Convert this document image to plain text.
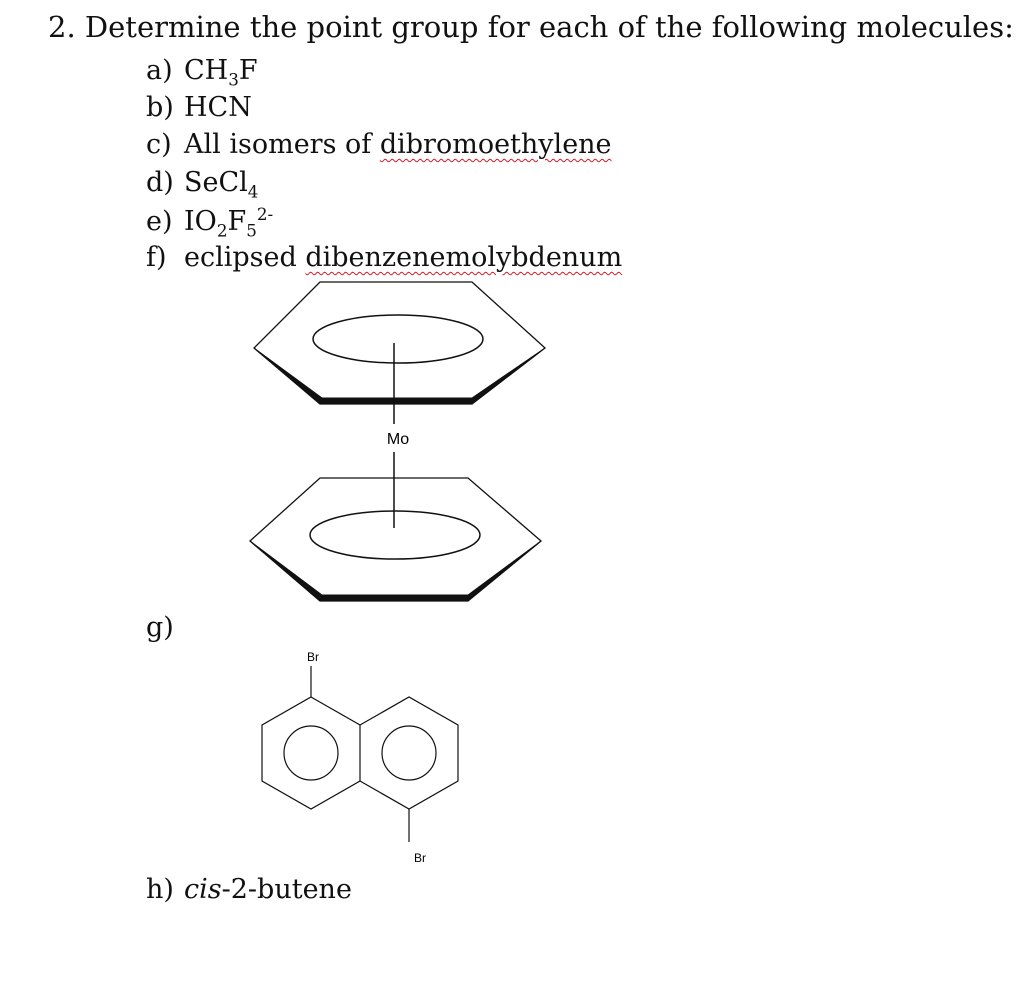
2. Determine the point group for each of the following molecules:
a) $CH_3F$
b) HCN
c) All isomers of dibromoethylene
d) SeCl$_4$
e) $IO_2F_5^{2-}$
f) eclipsed dibenzenemolybdenum
g)
h) cis-2-butene
Mo
Br
Br
